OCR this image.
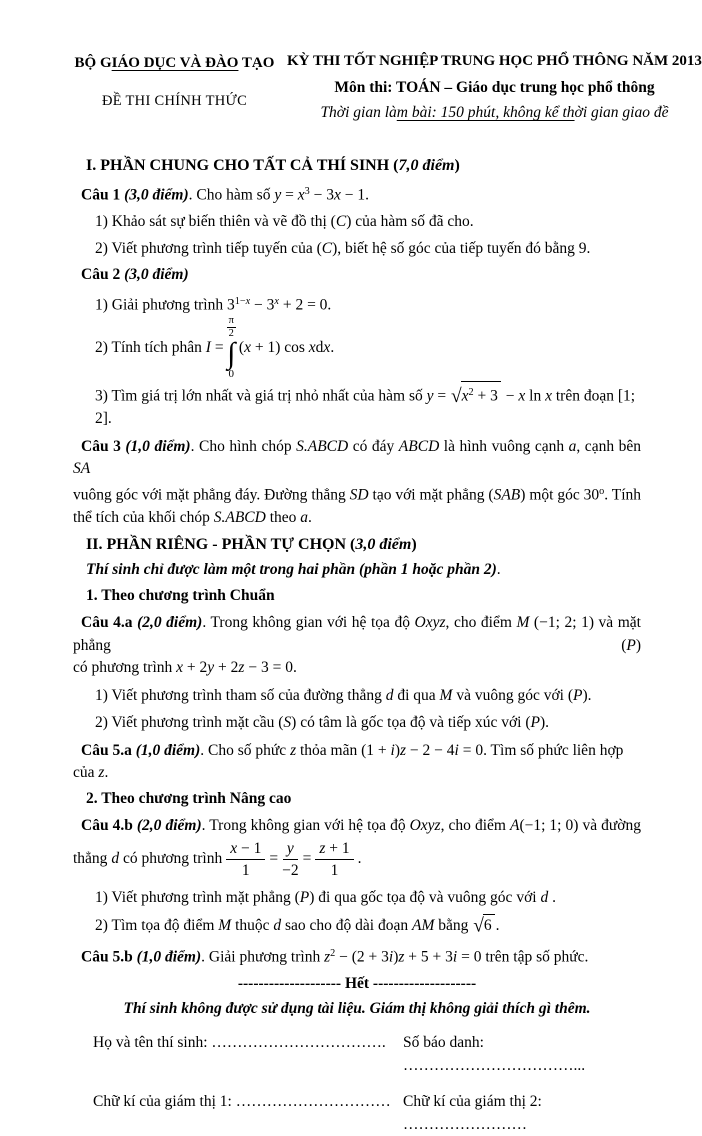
BỘ GIÁO DỤC VÀ ĐÀO TẠO
ĐỀ THI CHÍNH THỨC
KỲ THI TỐT NGHIỆP TRUNG HỌC PHỔ THÔNG NĂM 2013
Môn thi: TOÁN – Giáo dục trung học phổ thông
Thời gian làm bài: 150 phút, không kể thời gian giao đề
I. PHẦN CHUNG CHO TẤT CẢ THÍ SINH (7,0 điểm)
Câu 1 (3,0 điểm). Cho hàm số $y = x^3 - 3x - 1$.
1) Khảo sát sự biến thiên và vẽ đồ thị (C) của hàm số đã cho.
2) Viết phương trình tiếp tuyến của (C), biết hệ số góc của tiếp tuyến đó bằng 9.
Câu 2 (3,0 điểm)
1) Giải phương trình $3^{1-x} - 3^x + 2 = 0$.
2) Tính tích phân I =
π
2
∫
0
(x + 1) cos xdx.
3) Tìm giá trị lớn nhất và giá trị nhỏ nhất của hàm số $y = √x^2 + 3 - x$ ln x trên đoạn [1; 2].
Câu 3 (1,0 điểm). Cho hình chóp S.ABCD có đáy ABCD là hình vuông cạnh a, cạnh bên SA
vuông góc với mặt phẳng đáy. Đường thẳng SD tạo với mặt phẳng (SAB) một góc 30$^o$. Tính
thể tích của khối chóp S.ABCD theo a.
II. PHẦN RIÊNG - PHẦN TỰ CHỌN (3,0 điểm)
Thí sinh chỉ được làm một trong hai phần (phần 1 hoặc phần 2).
1. Theo chương trình Chuẩn
Câu 4.a (2,0 điểm). Trong không gian với hệ tọa độ Oxyz, cho điểm M (−1; 2; 1) và mặt phẳng (P)
có phương trình x + 2y + 2z − 3 = 0.
1) Viết phương trình tham số của đường thẳng d đi qua M và vuông góc với (P).
2) Viết phương trình mặt cầu (S) có tâm là gốc tọa độ và tiếp xúc với (P).
Câu 5.a (1,0 điểm). Cho số phức z thỏa mãn (1 + i)z − 2 − 4i = 0. Tìm số phức liên hợp của z.
2. Theo chương trình Nâng cao
Câu 4.b (2,0 điểm). Trong không gian với hệ tọa độ Oxyz, cho điểm A(−1; 1; 0) và đường
thẳng d có phương trình $\frac{x - 1}{1} = \frac{y}{-2} = \frac{z + 1}{1}$ .
1) Viết phương trình mặt phẳng (P) đi qua gốc tọa độ và vuông góc với d .
2) Tìm tọa độ điểm M thuộc d sao cho độ dài đoạn AM bằng √6 .
Câu 5.b (1,0 điểm). Giải phương trình $z^2 - (2 + 3i)z + 5 + 3i = 0$ trên tập số phức.
-------------------- Hết --------------------
Thí sinh không được sử dụng tài liệu. Giám thị không giải thích gì thêm.
Họ và tên thí sinh: …………………………….	Số báo danh: ……………………………...
Chữ kí của giám thị 1: ………………………… Chữ kí của giám thị 2: ……………………
